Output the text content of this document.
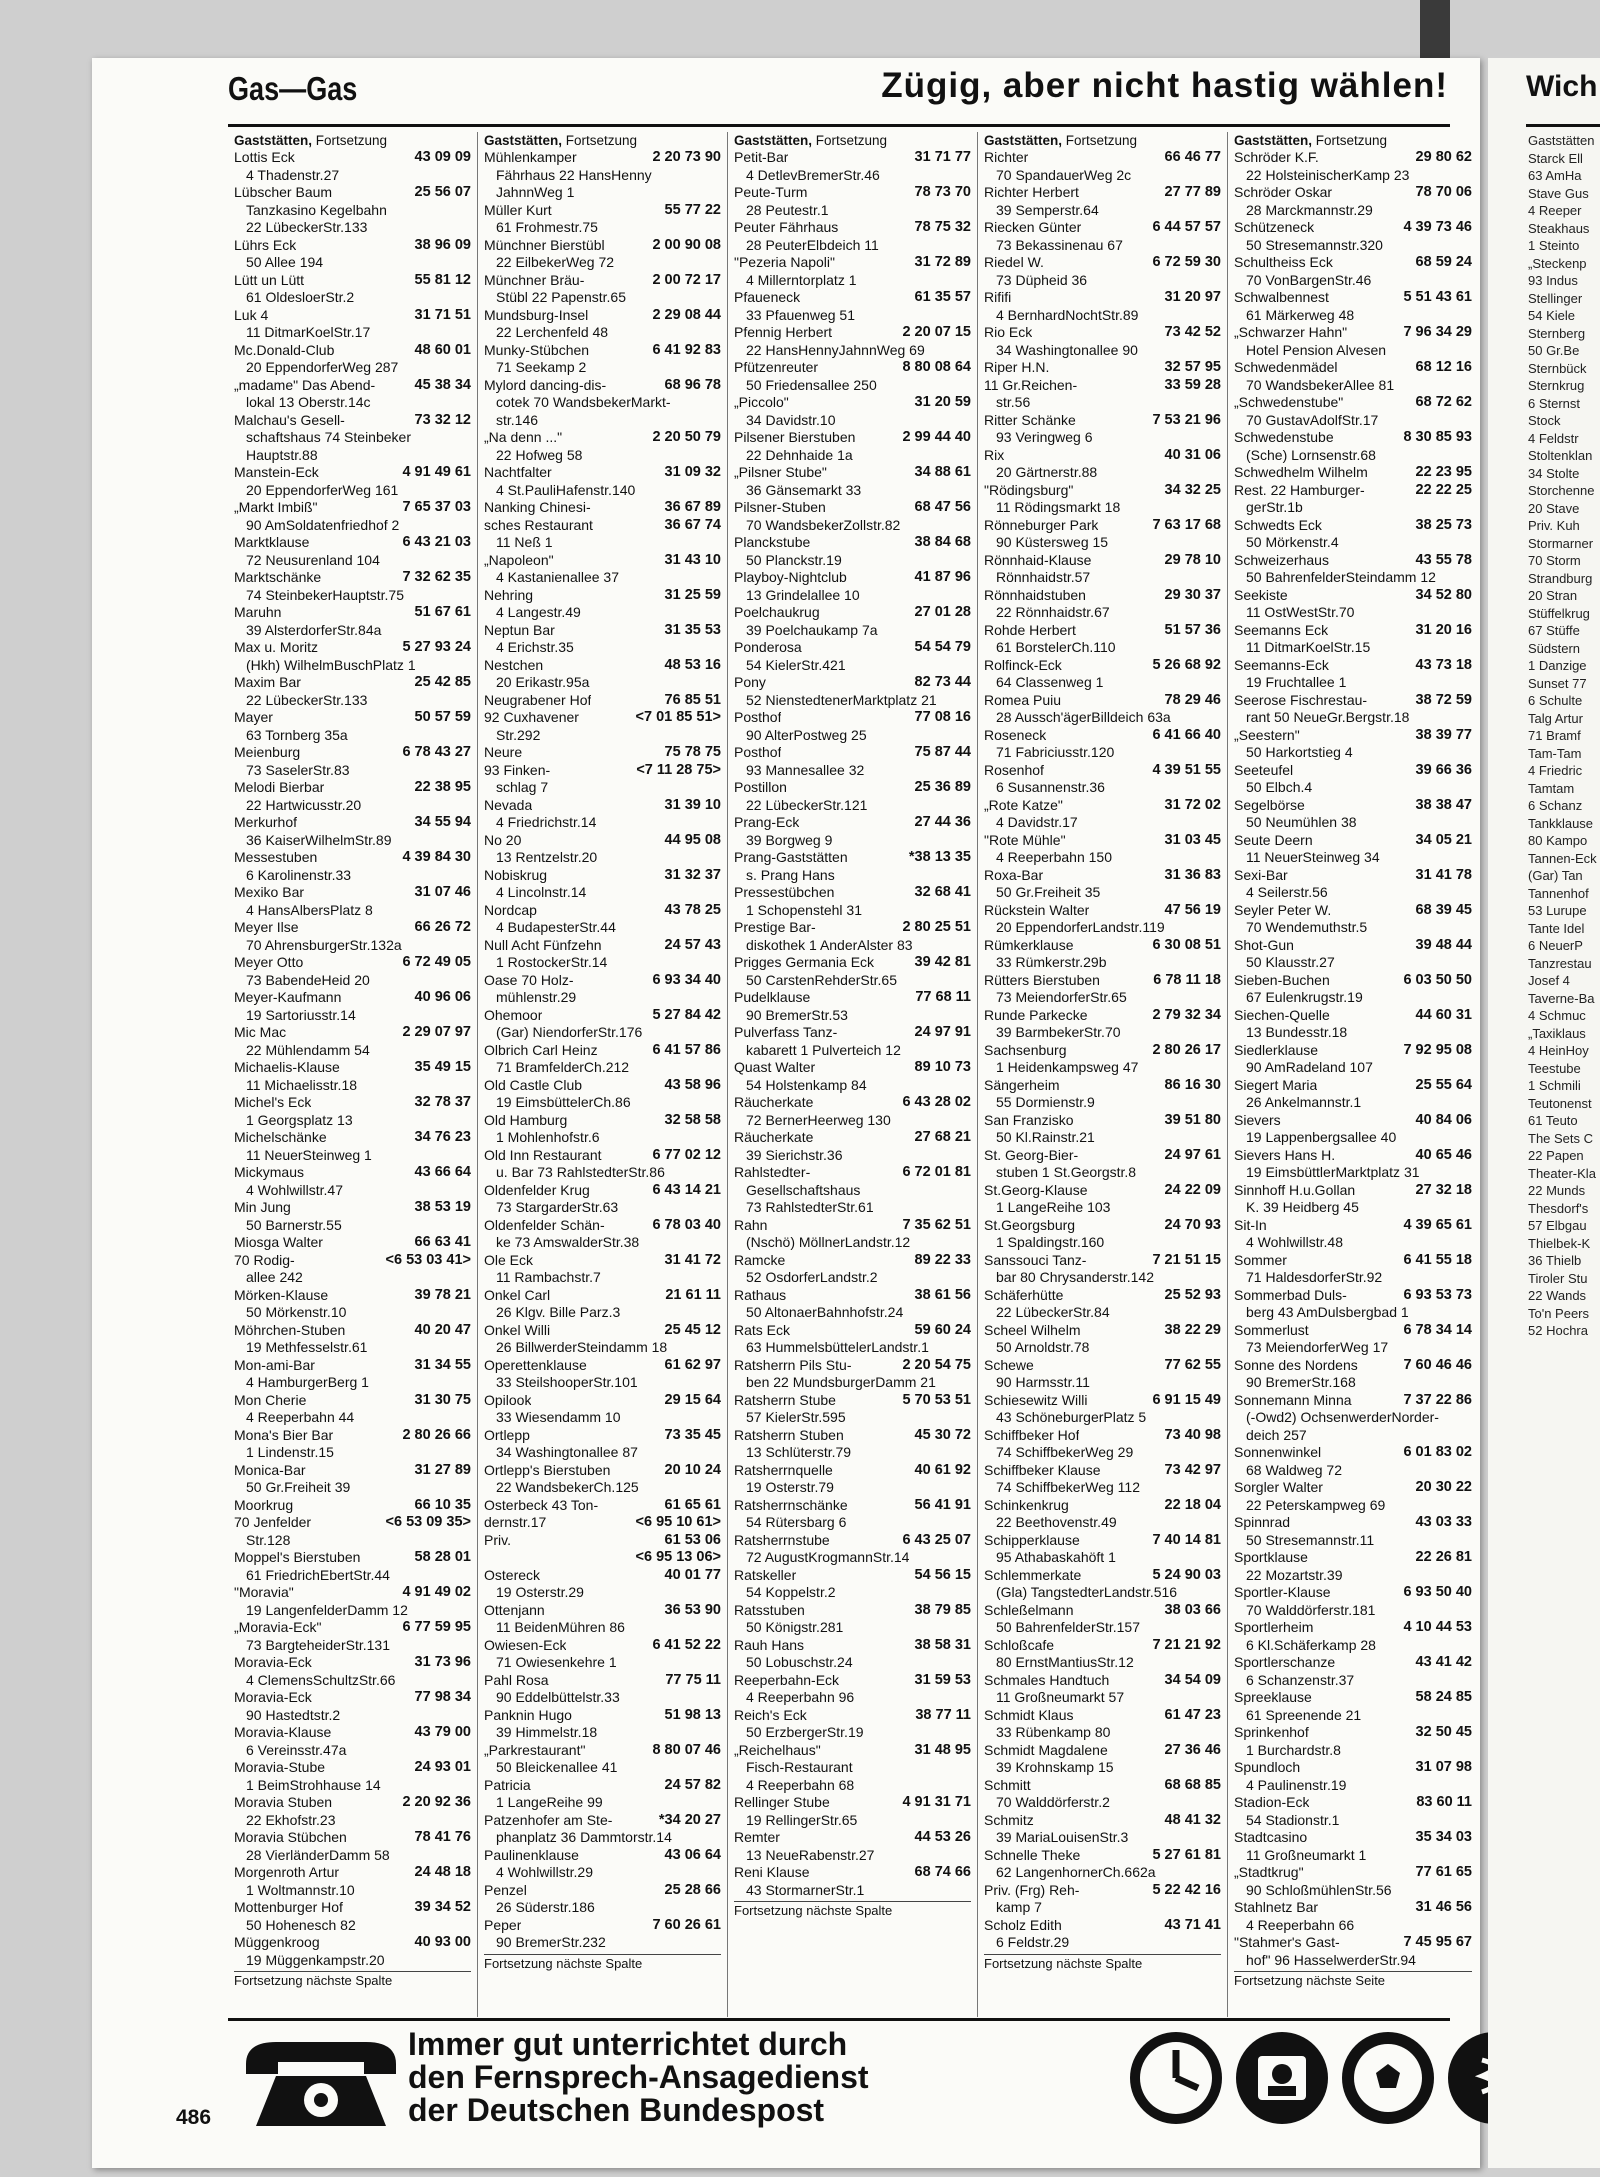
Gas—Gas	Zügig, aber nicht hastig wählen!
Gaststätten, Fortsetzung
Lottis Eck	43 09 09
4 Thadenstr.27
Lübscher Baum	25 56 07
Tanzkasino Kegelbahn
22 LübeckerStr.133
Lührs Eck	38 96 09
50 Allee 194
Lütt un Lütt	55 81 12
61 OldesloerStr.2
Luk 4	31 71 51
11 DitmarKoelStr.17
Mc.Donald-Club	48 60 01
20 EppendorferWeg 287
„madame" Das Abend-	45 38 34
lokal 13 Oberstr.14c
Malchau's Gesell-	73 32 12
schaftshaus 74 Steinbeker
Hauptstr.88
Manstein-Eck	4 91 49 61
20 EppendorferWeg 161
„Markt Imbiß"	7 65 37 03
90 AmSoldatenfriedhof 2
Marktklause	6 43 21 03
72 Neusurenland 104
Marktschänke	7 32 62 35
74 SteinbekerHauptstr.75
Maruhn	51 67 61
39 AlsterdorferStr.84a
Max u. Moritz	5 27 93 24
(Hkh) WilhelmBuschPlatz 1
Maxim Bar	25 42 85
22 LübeckerStr.133
Mayer	50 57 59
63 Tornberg 35a
Meienburg	6 78 43 27
73 SaselerStr.83
Melodi Bierbar	22 38 95
22 Hartwicusstr.20
Merkurhof	34 55 94
36 KaiserWilhelmStr.89
Messestuben	4 39 84 30
6 Karolinenstr.33
Mexiko Bar	31 07 46
4 HansAlbersPlatz 8
Meyer Ilse	66 26 72
70 AhrensburgerStr.132a
Meyer Otto	6 72 49 05
73 BabendeHeid 20
Meyer-Kaufmann	40 96 06
19 Sartoriusstr.14
Mic Mac	2 29 07 97
22 Mühlendamm 54
Michaelis-Klause	35 49 15
11 Michaelisstr.18
Michel's Eck	32 78 37
1 Georgsplatz 13
Michelschänke	34 76 23
11 NeuerSteinweg 1
Mickymaus	43 66 64
4 Wohlwillstr.47
Min Jung	38 53 19
50 Barnerstr.55
Miosga Walter	66 63 41
70 Rodig-	<6 53 03 41>
allee 242
Mörken-Klause	39 78 21
50 Mörkenstr.10
Möhrchen-Stuben	40 20 47
19 Methfesselstr.61
Mon-ami-Bar	31 34 55
4 HamburgerBerg 1
Mon Cherie	31 30 75
4 Reeperbahn 44
Mona's Bier Bar	2 80 26 66
1 Lindenstr.15
Monica-Bar	31 27 89
50 Gr.Freiheit 39
Moorkrug	66 10 35
70 Jenfelder	<6 53 09 35>
Str.128
Moppel's Bierstuben	58 28 01
61 FriedrichEbertStr.44
"Moravia"	4 91 49 02
19 LangenfelderDamm 12
„Moravia-Eck"	6 77 59 95
73 BargteheiderStr.131
Moravia-Eck	31 73 96
4 ClemensSchultzStr.66
Moravia-Eck	77 98 34
90 Hastedtstr.2
Moravia-Klause	43 79 00
6 Vereinsstr.47a
Moravia-Stube	24 93 01
1 BeimStrohhause 14
Moravia Stuben	2 20 92 36
22 Ekhofstr.23
Moravia Stübchen	78 41 76
28 VierländerDamm 58
Morgenroth Artur	24 48 18
1 Woltmannstr.10
Mottenburger Hof	39 34 52
50 Hohenesch 82
Müggenkroog	40 93 00
19 Müggenkampstr.20
Fortsetzung nächste Spalte
Gaststätten, Fortsetzung
Mühlenkamper	2 20 73 90
Fährhaus 22 HansHenny
JahnnWeg 1
Müller Kurt	55 77 22
61 Frohmestr.75
Münchner Bierstübl	2 00 90 08
22 EilbekerWeg 72
Münchner Bräu-	2 00 72 17
Stübl 22 Papenstr.65
Mundsburg-Insel	2 29 08 44
22 Lerchenfeld 48
Munky-Stübchen	6 41 92 83
71 Seekamp 2
Mylord dancing-dis-	68 96 78
cotek 70 WandsbekerMarkt-
str.146
„Na denn ..."	2 20 50 79
22 Hofweg 58
Nachtfalter	31 09 32
4 St.PauliHafenstr.140
Nanking Chinesi-	36 67 89
sches Restaurant	36 67 74
11 Neß 1
„Napoleon"	31 43 10
4 Kastanienallee 37
Nehring	31 25 59
4 Langestr.49
Neptun Bar	31 35 53
4 Erichstr.35
Nestchen	48 53 16
20 Erikastr.95a
Neugrabener Hof	76 85 51
92 Cuxhavener	<7 01 85 51>
Str.292
Neure	75 78 75
93 Finken-	<7 11 28 75>
schlag 7
Nevada	31 39 10
4 Friedrichstr.14
No 20	44 95 08
13 Rentzelstr.20
Nobiskrug	31 32 37
4 Lincolnstr.14
Nordcap	43 78 25
4 BudapesterStr.44
Null Acht Fünfzehn	24 57 43
1 RostockerStr.14
Oase 70 Holz-	6 93 34 40
mühlenstr.29
Ohemoor	5 27 84 42
(Gar) NiendorferStr.176
Olbrich Carl Heinz	6 41 57 86
71 BramfelderCh.212
Old Castle Club	43 58 96
19 EimsbüttelerCh.86
Old Hamburg	32 58 58
1 Mohlenhofstr.6
Old Inn Restaurant	6 77 02 12
u. Bar 73 RahlstedterStr.86
Oldenfelder Krug	6 43 14 21
73 StargarderStr.63
Oldenfelder Schän-	6 78 03 40
ke 73 AmswalderStr.38
Ole Eck	31 41 72
11 Rambachstr.7
Onkel Carl	21 61 11
26 Klgv. Bille Parz.3
Onkel Willi	25 45 12
26 BillwerderSteindamm 18
Operettenklause	61 62 97
33 SteilshooperStr.101
Opilook	29 15 64
33 Wiesendamm 10
Ortlepp	73 35 45
34 Washingtonallee 87
Ortlepp's Bierstuben	20 10 24
22 WandsbekerCh.125
Osterbeck 43 Ton-	61 65 61
dernstr.17	<6 95 10 61>
Priv.	61 53 06
<6 95 13 06>
Ostereck	40 01 77
19 Osterstr.29
Ottenjann	36 53 90
11 BeidenMühren 86
Owiesen-Eck	6 41 52 22
71 Owiesenkehre 1
Pahl Rosa	77 75 11
90 Eddelbüttelstr.33
Panknin Hugo	51 98 13
39 Himmelstr.18
„Parkrestaurant"	8 80 07 46
50 Bleickenallee 41
Patricia	24 57 82
1 LangeReihe 99
Patzenhofer am Ste-	*34 20 27
phanplatz 36 Dammtorstr.14
Paulinenklause	43 06 64
4 Wohlwillstr.29
Penzel	25 28 66
26 Süderstr.186
Peper	7 60 26 61
90 BremerStr.232
Fortsetzung nächste Spalte
Gaststätten, Fortsetzung
Petit-Bar	31 71 77
4 DetlevBremerStr.46
Peute-Turm	78 73 70
28 Peutestr.1
Peuter Fährhaus	78 75 32
28 PeuterElbdeich 11
"Pezeria Napoli"	31 72 89
4 Millerntorplatz 1
Pfaueneck	61 35 57
33 Pfauenweg 51
Pfennig Herbert	2 20 07 15
22 HansHennyJahnnWeg 69
Pfützenreuter	8 80 08 64
50 Friedensallee 250
„Piccolo"	31 20 59
34 Davidstr.10
Pilsener Bierstuben	2 99 44 40
22 Dehnhaide 1a
„Pilsner Stube"	34 88 61
36 Gänsemarkt 33
Pilsner-Stuben	68 47 56
70 WandsbekerZollstr.82
Planckstube	38 84 68
50 Planckstr.19
Playboy-Nightclub	41 87 96
13 Grindelallee 10
Poelchaukrug	27 01 28
39 Poelchaukamp 7a
Ponderosa	54 54 79
54 KielerStr.421
Pony	82 73 44
52 NienstedtenerMarktplatz 21
Posthof	77 08 16
90 AlterPostweg 25
Posthof	75 87 44
93 Mannesallee 32
Postillon	25 36 89
22 LübeckerStr.121
Prang-Eck	27 44 36
39 Borgweg 9
Prang-Gaststätten	*38 13 35
s. Prang Hans
Pressestübchen	32 68 41
1 Schopenstehl 31
Prestige Bar-	2 80 25 51
diskothek 1 AnderAlster 83
Prigges Germania Eck	39 42 81
50 CarstenRehderStr.65
Pudelklause	77 68 11
90 BremerStr.53
Pulverfass Tanz-	24 97 91
kabarett 1 Pulverteich 12
Quast Walter	89 10 73
54 Holstenkamp 84
Räucherkate	6 43 28 02
72 BernerHeerweg 130
Räucherkate	27 68 21
39 Sierichstr.36
Rahlstedter-	6 72 01 81
Gesellschaftshaus
73 RahlstedterStr.61
Rahn	7 35 62 51
(Nschö) MöllnerLandstr.12
Ramcke	89 22 33
52 OsdorferLandstr.2
Rathaus	38 61 56
50 AltonaerBahnhofstr.24
Rats Eck	59 60 24
63 HummelsbüttelerLandstr.1
Ratsherrn Pils Stu-	2 20 54 75
ben 22 MundsburgerDamm 21
Ratsherrn Stube	5 70 53 51
57 KielerStr.595
Ratsherrn Stuben	45 30 72
13 Schlüterstr.79
Ratsherrnquelle	40 61 92
19 Osterstr.79
Ratsherrnschänke	56 41 91
54 Rütersbarg 6
Ratsherrnstube	6 43 25 07
72 AugustKrogmannStr.14
Ratskeller	54 56 15
54 Koppelstr.2
Ratsstuben	38 79 85
50 Königstr.281
Rauh Hans	38 58 31
50 Lobuschstr.24
Reeperbahn-Eck	31 59 53
4 Reeperbahn 96
Reich's Eck	38 77 11
50 ErzbergerStr.19
„Reichelhaus"	31 48 95
Fisch-Restaurant
4 Reeperbahn 68
Rellinger Stube	4 91 31 71
19 RellingerStr.65
Remter	44 53 26
13 NeueRabenstr.27
Reni Klause	68 74 66
43 StormarnerStr.1
Fortsetzung nächste Spalte
Gaststätten, Fortsetzung
Richter	66 46 77
70 SpandauerWeg 2c
Richter Herbert	27 77 89
39 Semperstr.64
Riecken Günter	6 44 57 57
73 Bekassinenau 67
Riedel W.	6 72 59 30
73 Düpheid 36
Rififi	31 20 97
4 BernhardNochtStr.89
Rio Eck	73 42 52
34 Washingtonallee 90
Riper H.N.	32 57 95
11 Gr.Reichen-	33 59 28
str.56
Ritter Schänke	7 53 21 96
93 Veringweg 6
Rix	40 31 06
20 Gärtnerstr.88
"Rödingsburg"	34 32 25
11 Rödingsmarkt 18
Rönneburger Park	7 63 17 68
90 Küstersweg 15
Rönnhaid-Klause	29 78 10
Rönnhaidstr.57
Rönnhaidstuben	29 30 37
22 Rönnhaidstr.67
Rohde Herbert	51 57 36
61 BorstelerCh.110
Rolfinck-Eck	5 26 68 92
64 Classenweg 1
Romea Puiu	78 29 46
28 Aussch'ägerBilldeich 63a
Roseneck	6 41 66 40
71 Fabriciusstr.120
Rosenhof	4 39 51 55
6 Susannenstr.36
„Rote Katze"	31 72 02
4 Davidstr.17
"Rote Mühle"	31 03 45
4 Reeperbahn 150
Roxa-Bar	31 36 83
50 Gr.Freiheit 35
Rückstein Walter	47 56 19
20 EppendorferLandstr.119
Rümkerklause	6 30 08 51
33 Rümkerstr.29b
Rütters Bierstuben	6 78 11 18
73 MeiendorferStr.65
Runde Parkecke	2 79 32 34
39 BarmbekerStr.70
Sachsenburg	2 80 26 17
1 Heidenkampsweg 47
Sängerheim	86 16 30
55 Dormienstr.9
San Franzisko	39 51 80
50 Kl.Rainstr.21
St. Georg-Bier-	24 97 61
stuben 1 St.Georgstr.8
St.Georg-Klause	24 22 09
1 LangeReihe 103
St.Georgsburg	24 70 93
1 Spaldingstr.160
Sanssouci Tanz-	7 21 51 15
bar 80 Chrysanderstr.142
Schäferhütte	25 52 93
22 LübeckerStr.84
Scheel Wilhelm	38 22 29
50 Arnoldstr.78
Schewe	77 62 55
90 Harmsstr.11
Schiesewitz Willi	6 91 15 49
43 SchöneburgerPlatz 5
Schiffbeker Hof	73 40 98
74 SchiffbekerWeg 29
Schiffbeker Klause	73 42 97
74 SchiffbekerWeg 112
Schinkenkrug	22 18 04
22 Beethovenstr.49
Schipperklause	7 40 14 81
95 Athabaskahöft 1
Schlemmerkate	5 24 90 03
(Gla) TangstedterLandstr.516
Schleßelmann	38 03 66
50 BahrenfelderStr.157
Schloßcafe	7 21 21 92
80 ErnstMantiusStr.12
Schmales Handtuch	34 54 09
11 Großneumarkt 57
Schmidt Klaus	61 47 23
33 Rübenkamp 80
Schmidt Magdalene	27 36 46
39 Krohnskamp 15
Schmitt	68 68 85
70 Walddörferstr.2
Schmitz	48 41 32
39 MariaLouisenStr.3
Schnelle Theke	5 27 61 81
62 LangenhornerCh.662a
Priv. (Frg) Reh-	5 22 42 16
kamp 7
Scholz Edith	43 71 41
6 Feldstr.29
Fortsetzung nächste Spalte
Gaststätten, Fortsetzung
Schröder K.F.	29 80 62
22 HolsteinischerKamp 23
Schröder Oskar	78 70 06
28 Marckmannstr.29
Schützeneck	4 39 73 46
50 Stresemannstr.320
Schultheiss Eck	68 59 24
70 VonBargenStr.46
Schwalbennest	5 51 43 61
61 Märkerweg 48
„Schwarzer Hahn"	7 96 34 29
Hotel Pension Alvesen
Schwedenmädel	68 12 16
70 WandsbekerAllee 81
„Schwedenstube"	68 72 62
70 GustavAdolfStr.17
Schwedenstube	8 30 85 93
(Sche) Lornsenstr.68
Schwedhelm Wilhelm	22 23 95
Rest. 22 Hamburger-	22 22 25
gerStr.1b
Schwedts Eck	38 25 73
50 Mörkenstr.4
Schweizerhaus	43 55 78
50 BahrenfelderSteindamm 12
Seekiste	34 52 80
11 OstWestStr.70
Seemanns Eck	31 20 16
11 DitmarKoelStr.15
Seemanns-Eck	43 73 18
19 Fruchtallee 1
Seerose Fischrestau-	38 72 59
rant 50 NeueGr.Bergstr.18
„Seestern"	38 39 77
50 Harkortstieg 4
Seeteufel	39 66 36
50 Elbch.4
Segelbörse	38 38 47
50 Neumühlen 38
Seute Deern	34 05 21
11 NeuerSteinweg 34
Sexi-Bar	31 41 78
4 Seilerstr.56
Seyler Peter W.	68 39 45
70 Wendemuthstr.5
Shot-Gun	39 48 44
50 Klausstr.27
Sieben-Buchen	6 03 50 50
67 Eulenkrugstr.19
Siechen-Quelle	44 60 31
13 Bundesstr.18
Siedlerklause	7 92 95 08
90 AmRadeland 107
Siegert Maria	25 55 64
26 Ankelmannstr.1
Sievers	40 84 06
19 Lappenbergsallee 40
Sievers Hans H.	40 65 46
19 EimsbüttlerMarktplatz 31
Sinnhoff H.u.Gollan	27 32 18
K. 39 Heidberg 45
Sit-In	4 39 65 61
4 Wohlwillstr.48
Sommer	6 41 55 18
71 HaldesdorferStr.92
Sommerbad Duls-	6 93 53 73
berg 43 AmDulsbergbad 1
Sommerlust	6 78 34 14
73 MeiendorferWeg 17
Sonne des Nordens	7 60 46 46
90 BremerStr.168
Sonnemann Minna	7 37 22 86
(-Owd2) OchsenwerderNorder-
deich 257
Sonnenwinkel	6 01 83 02
68 Waldweg 72
Sorgler Walter	20 30 22
22 Peterskampweg 69
Spinnrad	43 03 33
50 Stresemannstr.11
Sportklause	22 26 81
22 Mozartstr.39
Sportler-Klause	6 93 50 40
70 Walddörferstr.181
Sportlerheim	4 10 44 53
6 Kl.Schäferkamp 28
Sportlerschanze	43 41 42
6 Schanzenstr.37
Spreeklause	58 24 85
61 Spreenende 21
Sprinkenhof	32 50 45
1 Burchardstr.8
Spundloch	31 07 98
4 Paulinenstr.19
Stadion-Eck	83 60 11
54 Stadionstr.1
Stadtcasino	35 34 03
11 Großneumarkt 1
„Stadtkrug"	77 61 65
90 SchloßmühlenStr.56
Stahlnetz Bar	31 46 56
4 Reeperbahn 66
"Stahmer's Gast-	7 45 95 67
hof" 96 HasselwerderStr.94
Fortsetzung nächste Seite
Immer gut unterrichtet durch
den Fernsprech-Ansagedienst
der Deutschen Bundespost
486
Wich
Gaststätten
Starck Ell
63 AmHa
Stave Gus
4 Reeper
Steakhaus
1 Steinto
„Steckenp
93 Indus
Stellinger
54 Kiele
Sternberg
50 Gr.Be
Sternbück
Sternkrug
6 Sternst
Stock
4 Feldstr
Stoltenklan
34 Stolte
Storchenne
20 Stave
Priv. Kuh
Stormarner
70 Storm
Strandburg
20 Stran
Stüffelkrug
67 Stüffe
Südstern
1 Danzige
Sunset 77
6 Schulte
Talg Artur
71 Bramf
Tam-Tam
4 Friedric
Tamtam
6 Schanz
Tankklause
80 Kampo
Tannen-Eck
(Gar) Tan
Tannenhof
53 Lurupe
Tante Idel
6 NeuerP
Tanzrestau
Josef 4
Taverne-Ba
4 Schmuc
„Taxiklaus
4 HeinHoy
Teestube
1 Schmili
Teutonenst
61 Teuto
The Sets C
22 Papen
Theater-Kla
22 Munds
Thesdorf's
57 Elbgau
Thielbek-K
36 Thielb
Tiroler Stu
22 Wands
To'n Peers
52 Hochra
